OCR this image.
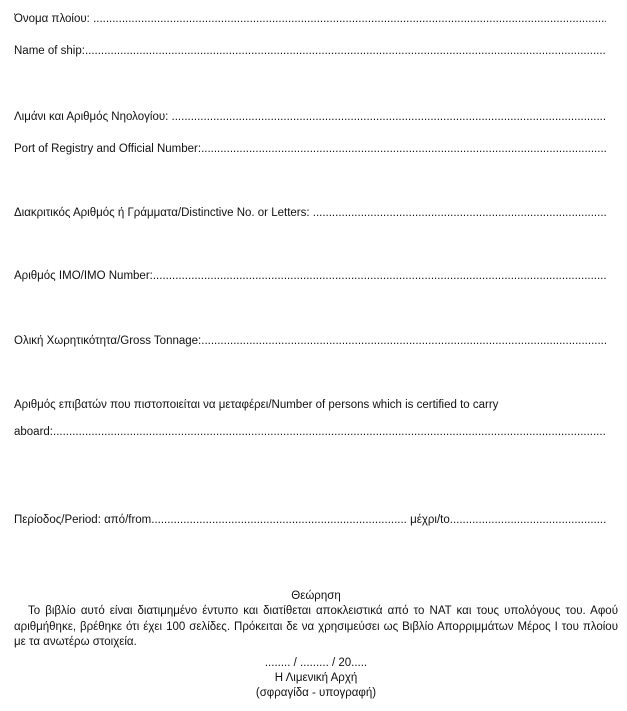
Όνομα πλοίου: .....
Name of ship: .....
Λιμάνι και Αριθμός Νηολογίου: .....
Port of Registry and Official Number: .....
Διακριτικός Αριθμός ή Γράμματα/Distinctive No. or Letters: .....
Αριθμός ΙΜΟ/IMO Number: .....
Ολική Χωρητικότητα/Gross Tonnage: .....
Αριθμός επιβατών που πιστοποιείται να μεταφέρει/Number of persons which is certified to carry
aboard: .....
Περίοδος/Period: από/from................................................................................ μέχρι/to .....
Θεώρηση
Το βιβλίο αυτό είναι διατιμημένο έντυπο και διατίθεται αποκλειστικά από το ΝΑΤ και τους υπολόγους του. Αφού αριθμήθηκε, βρέθηκε ότι έχει 100 σελίδες. Πρόκειται δε να χρησιμεύσει ως Βιβλίο Απορριμμάτων Μέρος Ι του πλοίου με τα ανωτέρω στοιχεία.
........ / ......... / 20.....
Η Λιμενική Αρχή
(σφραγίδα - υπογραφή)
